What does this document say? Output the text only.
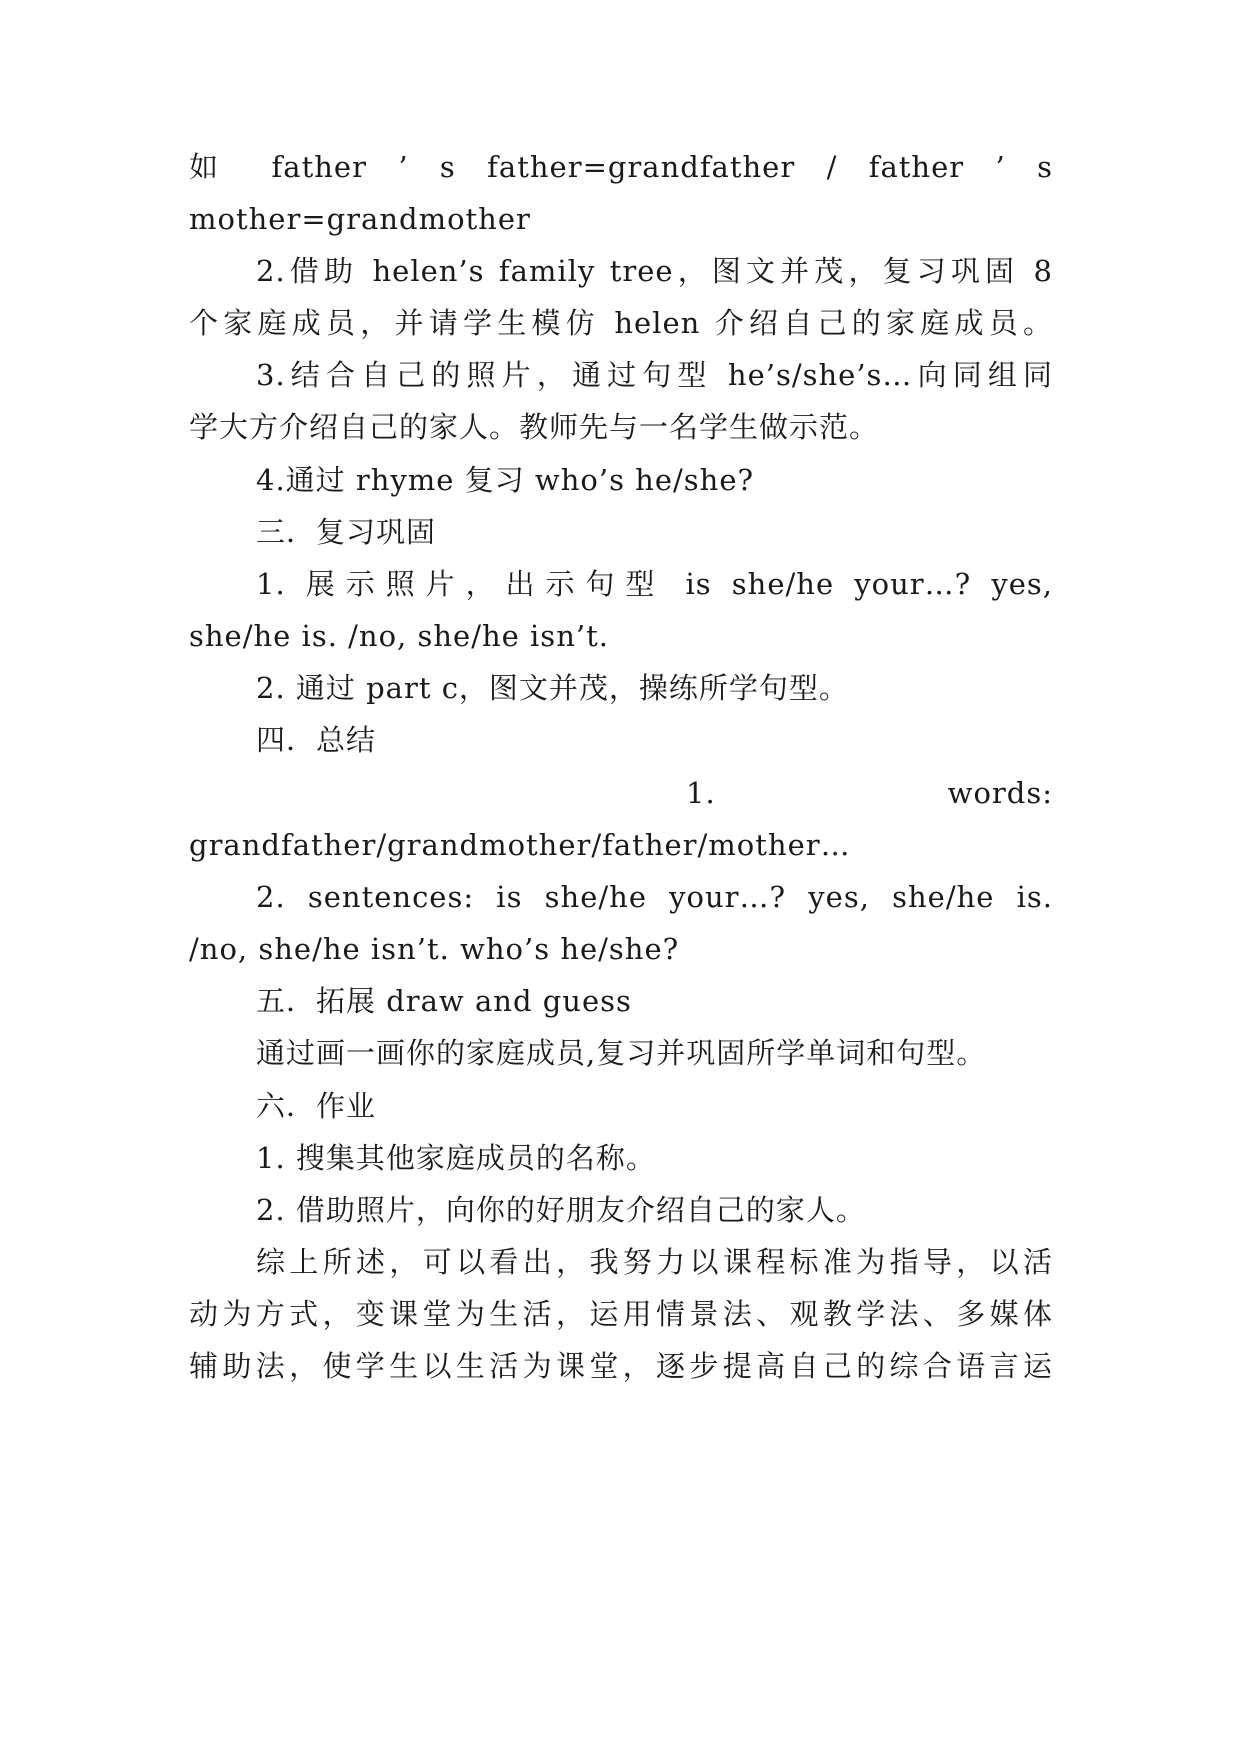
如 father ’ s father=grandfather / father ’ s
mother=grandmother
2.借助 helen’s family tree，图文并茂，复习巩固 8
个家庭成员，并请学生模仿 helen 介绍自己的家庭成员。
3.结合自己的照片，通过句型 he’s/she’s…向同组同
学大方介绍自己的家人。教师先与一名学生做示范。
4.通过 rhyme 复习 who’s he/she?
三．复习巩固
1. 展示照片，出示句型 is she/he your…? yes,
she/he is. /no, she/he isn’t.
2. 通过 part c，图文并茂，操练所学句型。
四．总结
1.          words:
grandfather/grandmother/father/mother…
2. sentences: is she/he your…? yes, she/he is.
/no, she/he isn’t. who’s he/she?
五．拓展 draw and guess
通过画一画你的家庭成员,复习并巩固所学单词和句型。
六．作业
1. 搜集其他家庭成员的名称。
2. 借助照片，向你的好朋友介绍自己的家人。
综上所述，可以看出，我努力以课程标准为指导，以活
动为方式，变课堂为生活，运用情景法、观教学法、多媒体
辅助法，使学生以生活为课堂，逐步提高自己的综合语言运
